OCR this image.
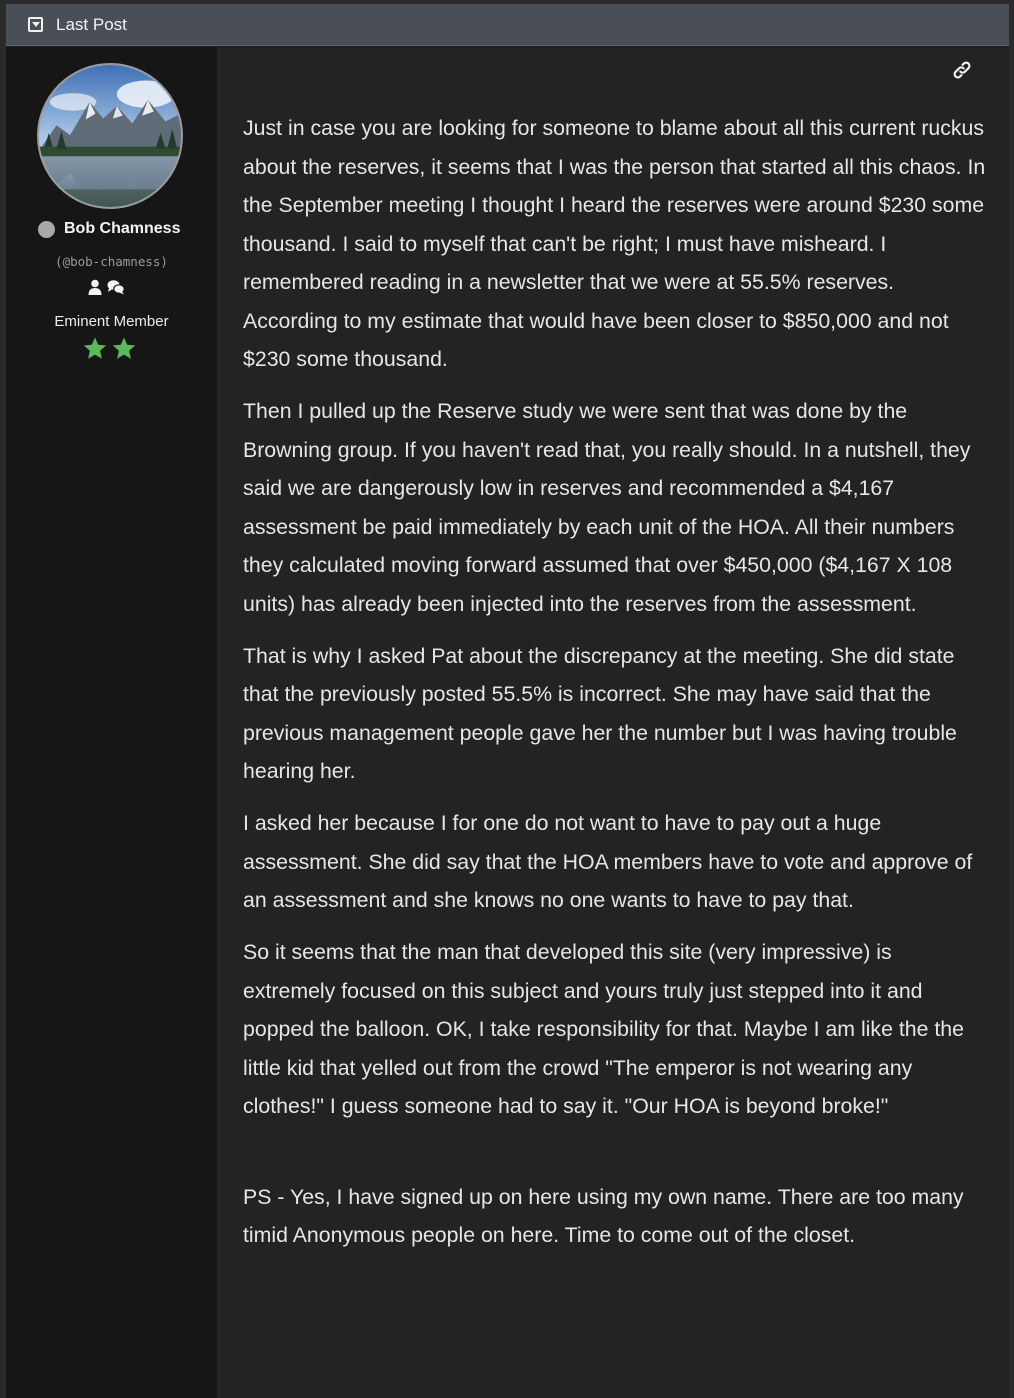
Last Post
Bob Chamness
(@bob-chamness)
Eminent Member

Just in case you are looking for someone to blame about all this current ruckus about the reserves, it seems that I was the person that started all this chaos. In the September meeting I thought I heard the reserves were around $230 some thousand. I said to myself that can't be right; I must have misheard. I remembered reading in a newsletter that we were at 55.5% reserves. According to my estimate that would have been closer to $850,000 and not $230 some thousand.

Then I pulled up the Reserve study we were sent that was done by the Browning group. If you haven't read that, you really should. In a nutshell, they said we are dangerously low in reserves and recommended a $4,167 assessment be paid immediately by each unit of the HOA. All their numbers they calculated moving forward assumed that over $450,000 ($4,167 X 108 units) has already been injected into the reserves from the assessment.

That is why I asked Pat about the discrepancy at the meeting. She did state that the previously posted 55.5% is incorrect. She may have said that the previous management people gave her the number but I was having trouble hearing her.

I asked her because I for one do not want to have to pay out a huge assessment. She did say that the HOA members have to vote and approve of an assessment and she knows no one wants to have to pay that.

So it seems that the man that developed this site (very impressive) is extremely focused on this subject and yours truly just stepped into it and popped the balloon. OK, I take responsibility for that. Maybe I am like the the little kid that yelled out from the crowd "The emperor is not wearing any clothes!" I guess someone had to say it. "Our HOA is beyond broke!"

PS - Yes, I have signed up on here using my own name. There are too many timid Anonymous people on here. Time to come out of the closet.
